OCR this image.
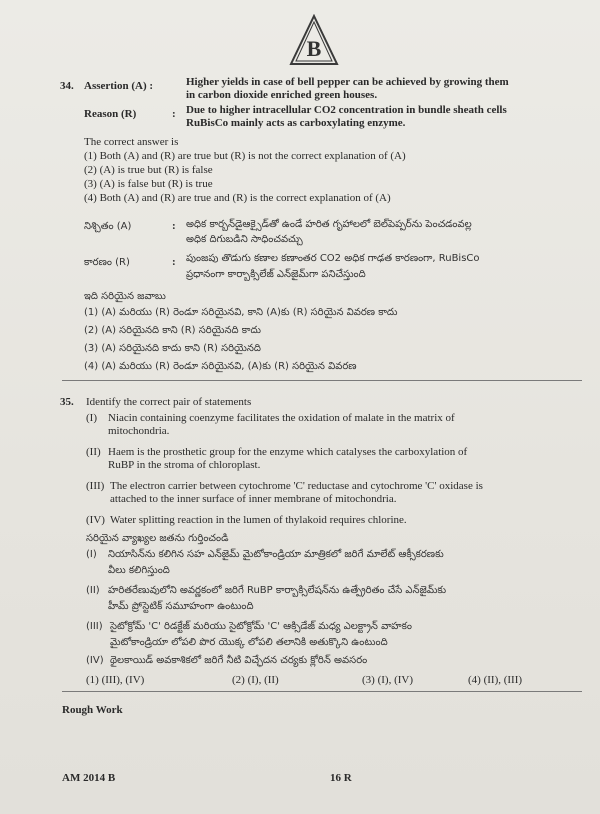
B
34. Assertion (A) :	Higher yields in case of bell pepper can be achieved by growing them
in carbon dioxide enriched green houses.
Reason (R)	: Due to higher intracellular CO2 concentration in bundle sheath cells
RuBisCo mainly acts as carboxylating enzyme.
The correct answer is
(1) Both (A) and (R) are true but (R) is not the correct explanation of (A)
(2) (A) is true but (R) is false
(3) (A) is false but (R) is true
(4) Both (A) and (R) are true and (R) is the correct explanation of (A)
నిశ్చితం (A)	: అధిక కార్బన్‌డైఆక్సైడ్‌తో ఉండే హరిత గృహాలలో బెల్‌పెప్పర్‌ను పెంచడంవల్ల
అధిక దిగుబడిని సాధించవచ్చు
కారణం (R)	: పుంజపు తొడుగు కణాల కణాంతర CO2 అధిక గాఢత కారణంగా, RuBisCo
ప్రధానంగా కార్బాక్సిలేజ్ ఎన్‌జైమ్‌గా పనిచేస్తుంది
ఇది సరియైన జవాబు
(1) (A) మరియు (R) రెండూ సరియైనవి, కాని (A)కు (R) సరియైన వివరణ కాదు
(2) (A) సరియైనది కాని (R) సరియైనది కాదు
(3) (A) సరియైనది కాదు కాని (R) సరియైనది
(4) (A) మరియు (R) రెండూ సరియైనవి, (A)కు (R) సరియైన వివరణ
35. Identify the correct pair of statements
(I) Niacin containing coenzyme facilitates the oxidation of malate in the matrix of
mitochondria.
(II) Haem is the prosthetic group for the enzyme which catalyses the carboxylation of
RuBP in the stroma of chloroplast.
(III) The electron carrier between cytochrome 'C' reductase and cytochrome 'C' oxidase is
attached to the inner surface of inner membrane of mitochondria.
(IV) Water splitting reaction in the lumen of thylakoid requires chlorine.
సరియైన వ్యాఖ్యల జతను గుర్తించండి
(I) నియాసిన్‌ను కలిగిన సహ ఎన్‌జైమ్ మైటోకాండ్రియా మాత్రికలో జరిగే మాలేట్ ఆక్సీకరణకు
వీలు కలిగిస్తుంది
(II) హరితరేణువులోని అవర్ణకంలో జరిగే RuBP కార్బాక్సిలేషన్‌ను ఉత్ప్రేరితం చేసే ఎన్‌జైమ్‌కు
హీమ్ ప్రోస్టెటిక్ సమూహంగా ఉంటుంది
(III) సైటోక్రోమ్ 'C' రిడక్టేజ్ మరియు సైటోక్రోమ్ 'C' ఆక్సిడేజ్ మధ్య ఎలక్ట్రాన్ వాహకం
మైటోకాండ్రియా లోపలి పొర యొక్క లోపలి తలానికి అతుక్కొని ఉంటుంది
(IV) థైలకాయిడ్ అవకాశికలో జరిగే నీటి విచ్ఛేదన చర్యకు క్లోరిన్ అవసరం
(1) (III), (IV)	(2) (I), (II)	(3) (I), (IV)	(4) (II), (III)
Rough Work
AM 2014 B	16 R
